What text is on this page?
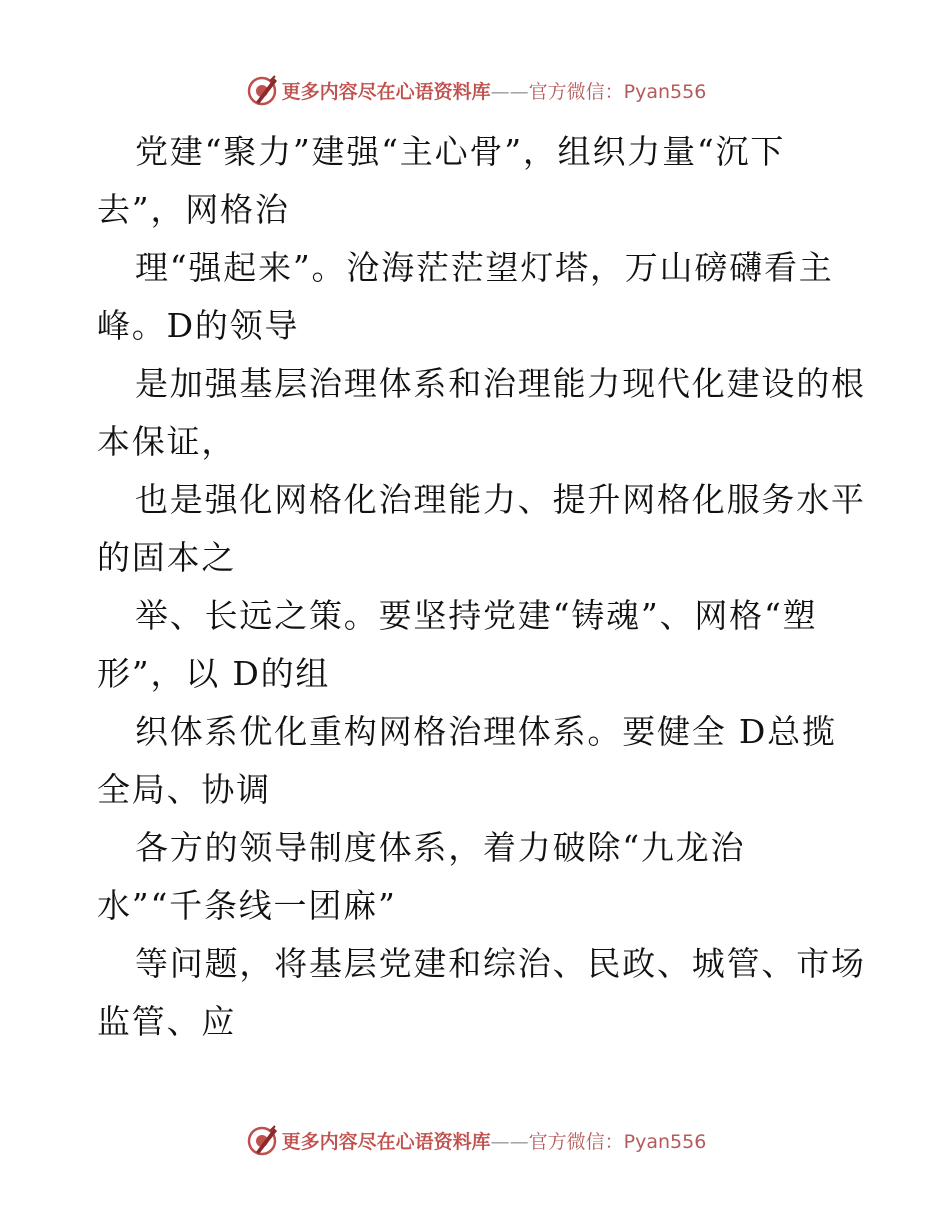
更多内容尽在心语资料库——官方微信：Pyan556
党建“聚力”建强“主心骨”，组织力量“沉下
去”，网格治
理“强起来”。沧海茫茫望灯塔，万山磅礴看主
峰。D的领导
是加强基层治理体系和治理能力现代化建设的根
本保证，
也是强化网格化治理能力、提升网格化服务水平
的固本之
举、长远之策。要坚持党建“铸魂”、网格“塑
形”，以 D的组
织体系优化重构网格治理体系。要健全 D总揽
全局、协调
各方的领导制度体系，着力破除“九龙治
水”“千条线一团麻”
等问题，将基层党建和综治、民政、城管、市场
监管、应
更多内容尽在心语资料库——官方微信：Pyan556
